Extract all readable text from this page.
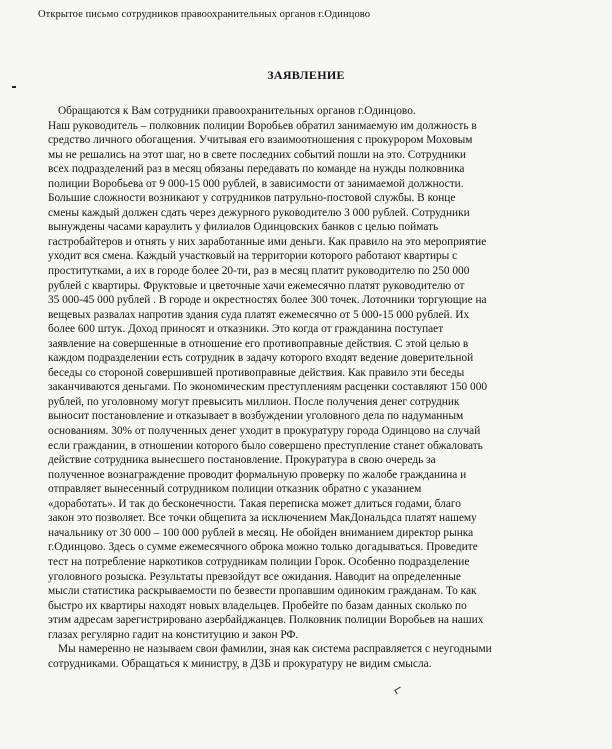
Открытое письмо сотрудников правоохранительных органов г.Одинцово
ЗАЯВЛЕНИЕ
Обращаются к Вам сотрудники правоохранительных органов г.Одинцово.
Наш руководитель – полковник полиции Воробьев обратил занимаемую им должность в
средство личного обогащения. Учитывая его взаимоотношения с прокурором Моховым
мы не решались на этот шаг, но в свете последних событий пошли на это. Сотрудники
всех подразделений раз в месяц обязаны передавать по команде на нужды полковника
полиции Воробьева от 9 000-15 000 рублей, в зависимости от занимаемой должности.
Большие сложности возникают у сотрудников патрульно-постовой службы. В конце
смены каждый должен сдать через дежурного руководителю 3 000 рублей. Сотрудники
вынуждены часами караулить у филиалов Одинцовских банков с целью поймать
гастробайтеров и отнять у них заработанные ими деньги. Как правило на это мероприятие
уходит вся смена. Каждый участковый на территории которого работают квартиры с
проститутками, а их в городе более 20-ти, раз в месяц платит руководителю по 250 000
рублей с квартиры. Фруктовые и цветочные хачи ежемесячно платят руководителю от
35 000-45 000 рублей . В городе и окрестностях более 300 точек. Лоточники торгующие на
вещевых развалах напротив здания суда платят ежемесячно от 5 000-15 000 рублей. Их
более 600 штук. Доход приносят и отказники. Это когда от гражданина поступает
заявление на совершенные в отношение его противоправные действия. С этой целью в
каждом подразделении есть сотрудник в задачу которого входят ведение доверительной
беседы со стороной совершившей противоправные действия. Как правило эти беседы
заканчиваются деньгами. По экономическим преступлениям расценки составляют 150 000
рублей, по уголовному могут превысить миллион. После получения денег сотрудник
выносит постановление и отказывает в возбуждении уголовного дела по надуманным
основаниям. 30% от полученных денег уходит в прокуратуру города Одинцово на случай
если гражданин, в отношении которого было совершено преступление станет обжаловать
действие сотрудника вынесшего постановление. Прокуратура в свою очередь за
полученное вознаграждение проводит формальную проверку по жалобе гражданина и
отправляет вынесенный сотрудником полиции отказник обратно с указанием
«доработать». И так до бесконечности. Такая переписка может длиться годами, благо
закон это позволяет. Все точки общепита за исключением МакДональдса платят нашему
начальнику от 30 000 – 100 000 рублей в месяц. Не обойден вниманием директор рынка
г.Одинцово. Здесь о сумме ежемесячного оброка можно только догадываться. Проведите
тест на потребление наркотиков сотрудникам полиции Горок. Особенно подразделение
уголовного розыска. Результаты превзойдут все ожидания. Наводит на определенные
мысли статистика раскрываемости по безвести пропавшим одиноким гражданам. То как
быстро их квартиры находят новых владельцев. Пробейте по базам данных сколько по
этим адресам зарегистрировано азербайджанцев. Полковник полиции Воробьев на наших
глазах регулярно гадит на конституцию и закон РФ.
Мы намеренно не называем свои фамилии, зная как система расправляется с неугодными
сотрудниками. Обращаться к министру, в ДЗБ и прокуратуру не видим смысла.
